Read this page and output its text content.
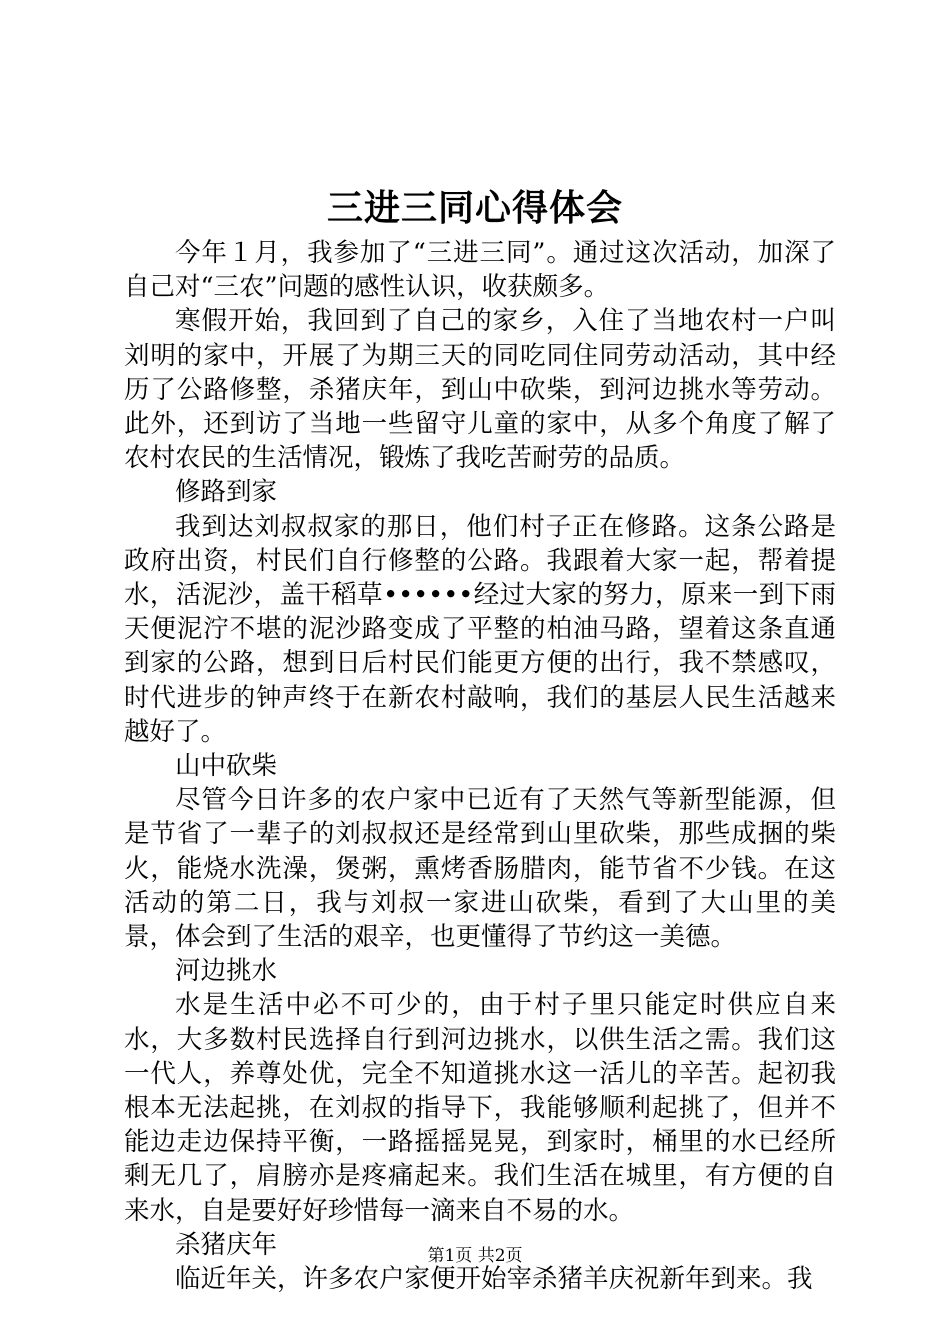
三进三同心得体会

今年１月，我参加了“三进三同”。通过这次活动，加深了自己对“三农”问题的感性认识，收获颇多。

寒假开始，我回到了自己的家乡，入住了当地农村一户叫刘明的家中，开展了为期三天的同吃同住同劳动活动，其中经历了公路修整，杀猪庆年，到山中砍柴，到河边挑水等劳动。此外，还到访了当地一些留守儿童的家中，从多个角度了解了农村农民的生活情况，锻炼了我吃苦耐劳的品质。

修路到家

我到达刘叔叔家的那日，他们村子正在修路。这条公路是政府出资，村民们自行修整的公路。我跟着大家一起，帮着提水，活泥沙，盖干稻草••••••经过大家的努力，原来一到下雨天便泥泞不堪的泥沙路变成了平整的柏油马路，望着这条直通到家的公路，想到日后村民们能更方便的出行，我不禁感叹，时代进步的钟声终于在新农村敲响，我们的基层人民生活越来越好了。

山中砍柴

尽管今日许多的农户家中已近有了天然气等新型能源，但是节省了一辈子的刘叔叔还是经常到山里砍柴，那些成捆的柴火，能烧水洗澡，煲粥，熏烤香肠腊肉，能节省不少钱。在这活动的第二日，我与刘叔一家进山砍柴，看到了大山里的美景，体会到了生活的艰辛，也更懂得了节约这一美德。

河边挑水

水是生活中必不可少的，由于村子里只能定时供应自来水，大多数村民选择自行到河边挑水，以供生活之需。我们这一代人，养尊处优，完全不知道挑水这一活儿的辛苦。起初我根本无法起挑，在刘叔的指导下，我能够顺利起挑了，但并不能边走边保持平衡，一路摇摇晃晃，到家时，桶里的水已经所剩无几了，肩膀亦是疼痛起来。我们生活在城里，有方便的自来水，自是要好好珍惜每一滴来自不易的水。

杀猪庆年

临近年关，许多农户家便开始宰杀猪羊庆祝新年到来。我

第1页 共2页
